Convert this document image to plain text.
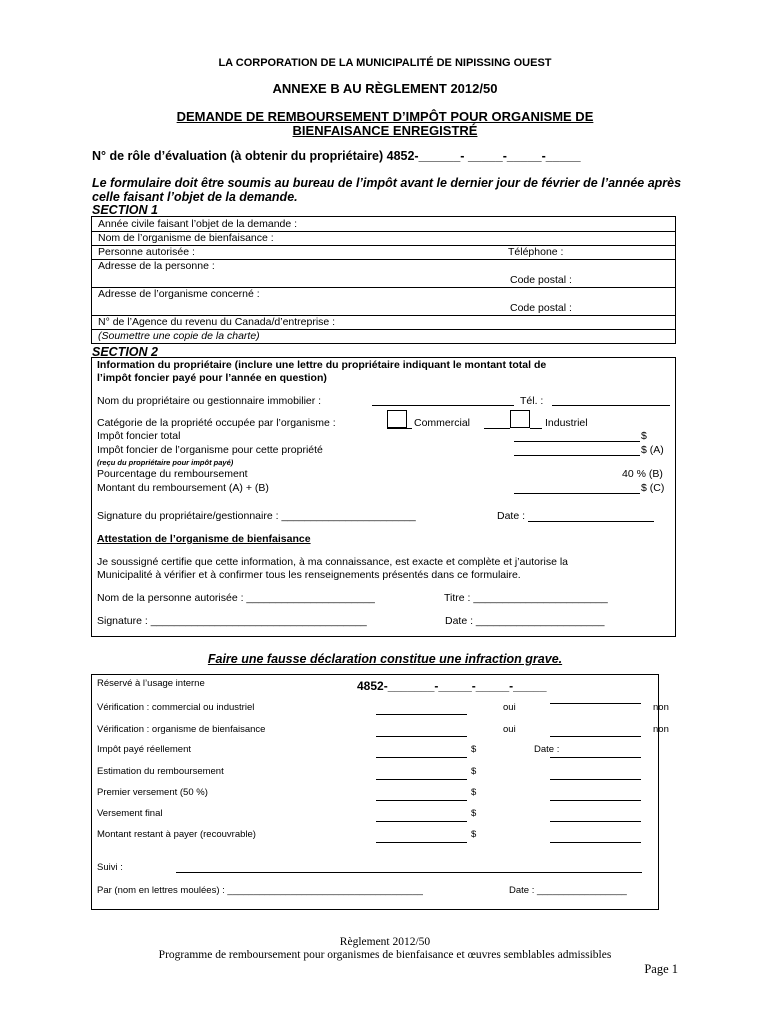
LA CORPORATION DE LA MUNICIPALITÉ DE NIPISSING OUEST
ANNEXE B AU RÈGLEMENT 2012/50
DEMANDE DE REMBOURSEMENT D’IMPÔT POUR ORGANISME DE
BIENFAISANCE ENREGISTRÉ
N° de rôle d’évaluation (à obtenir du propriétaire) 4852-______- _____-_____-_____
Le formulaire doit être soumis au bureau de l’impôt avant le dernier jour de février de l’année après celle faisant l’objet de la demande.
SECTION 1
Année civile faisant l’objet de la demande :
Nom de l’organisme de bienfaisance :
Personne autorisée :	Téléphone :
Adresse de la personne :
Code postal :
Adresse de l’organisme concerné :
Code postal :
N° de l’Agence du revenu du Canada/d’entreprise :
(Soumettre une copie de la charte)
SECTION 2
Information du propriétaire (inclure une lettre du propriétaire indiquant le montant total de
l’impôt foncier payé pour l’année en question)
Nom du propriétaire ou gestionnaire immobilier :	Tél. :
Catégorie de la propriété occupée par l’organisme :	Commercial	Industriel
Impôt foncier total	$
Impôt foncier de l’organisme pour cette propriété	$ (A)
(reçu du propriétaire pour impôt payé)
Pourcentage du remboursement	40 % (B)
Montant du remboursement (A) + (B)	$ (C)
Signature du propriétaire/gestionnaire : _______________________	Date :
Attestation de l’organisme de bienfaisance
Je soussigné certifie que cette information, à ma connaissance, est exacte et complète et j’autorise la
Municipalité à vérifier et à confirmer tous les renseignements présentés dans ce formulaire.
Nom de la personne autorisée : ______________________	Titre : _______________________
Signature : _____________________________________	Date : ______________________
Faire une fausse déclaration constitue une infraction grave.
Réservé à l’usage interne	4852-_______-_____-_____-_____
Vérification : commercial ou industriel	oui	non
Vérification : organisme de bienfaisance	oui	non
Impôt payé réellement	$	Date :
Estimation du remboursement	$
Premier versement (50 %)	$
Versement final	$
Montant restant à payer (recouvrable)	$
Suivi :
Par (nom en lettres moulées) : _____________________________________	Date : _________________
Règlement 2012/50
Programme de remboursement pour organismes de bienfaisance et œuvres semblables admissibles
Page 1
